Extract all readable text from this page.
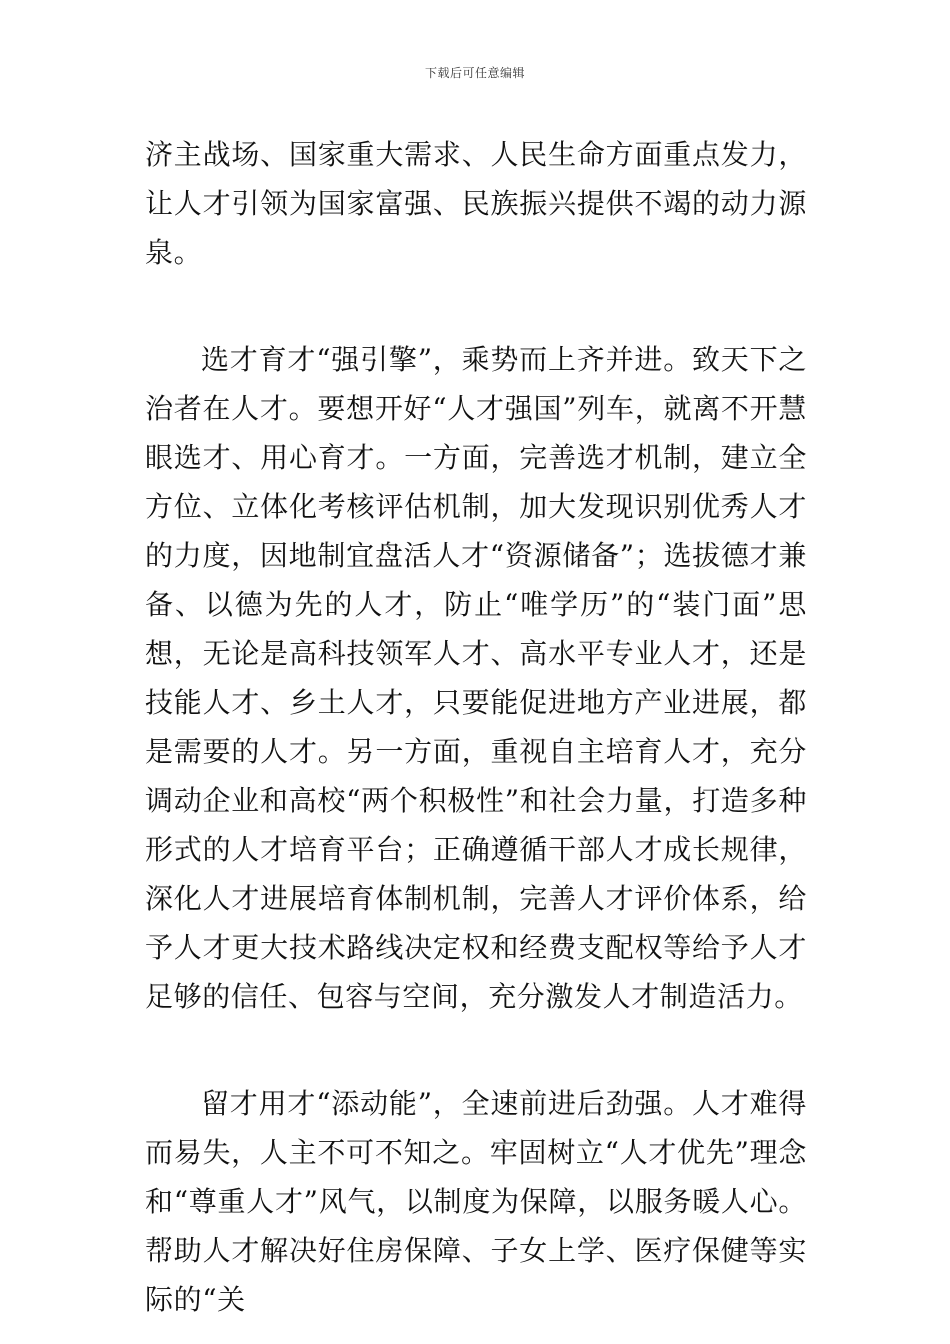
下载后可任意编辑

济主战场、国家重大需求、人民生命方面重点发力，让人才引领为国家富强、民族振兴提供不竭的动力源泉。

选才育才“强引擎”，乘势而上齐并进。致天下之治者在人才。要想开好“人才强国”列车，就离不开慧眼选才、用心育才。一方面，完善选才机制，建立全方位、立体化考核评估机制，加大发现识别优秀人才的力度，因地制宜盘活人才“资源储备”；选拔德才兼备、以德为先的人才，防止“唯学历”的“装门面”思想，无论是高科技领军人才、高水平专业人才，还是技能人才、乡土人才，只要能促进地方产业进展，都是需要的人才。另一方面，重视自主培育人才，充分调动企业和高校“两个积极性”和社会力量，打造多种形式的人才培育平台；正确遵循干部人才成长规律，深化人才进展培育体制机制，完善人才评价体系，给予人才更大技术路线决定权和经费支配权等给予人才足够的信任、包容与空间，充分激发人才制造活力。

留才用才“添动能”，全速前进后劲强。人才难得而易失，人主不可不知之。牢固树立“人才优先”理念和“尊重人才”风气，以制度为保障，以服务暖人心。帮助人才解决好住房保障、子女上学、医疗保健等实际的“关
